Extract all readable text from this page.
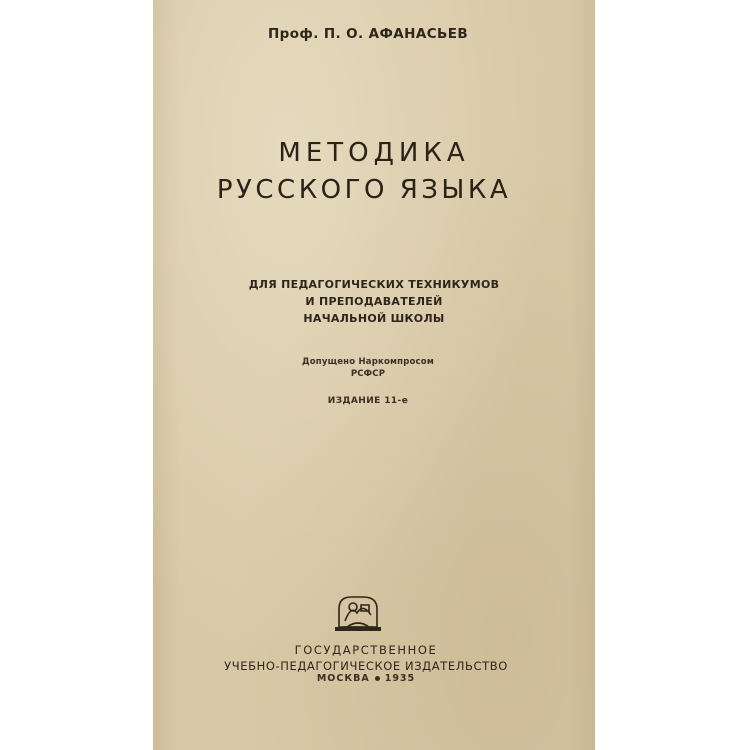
Проф. П. О. АФАНАСЬЕВ
МЕТОДИКА
РУССКОГО ЯЗЫКА
ДЛЯ ПЕДАГОГИЧЕСКИХ ТЕХНИКУМОВ
И ПРЕПОДАВАТЕЛЕЙ
НАЧАЛЬНОЙ ШКОЛЫ
Допущено Наркомпросом
РСФСР
ИЗДАНИЕ 11-е
ГОСУДАРСТВЕННОЕ
УЧЕБНО-ПЕДАГОГИЧЕСКОЕ ИЗДАТЕЛЬСТВО
МОСКВА 1935
